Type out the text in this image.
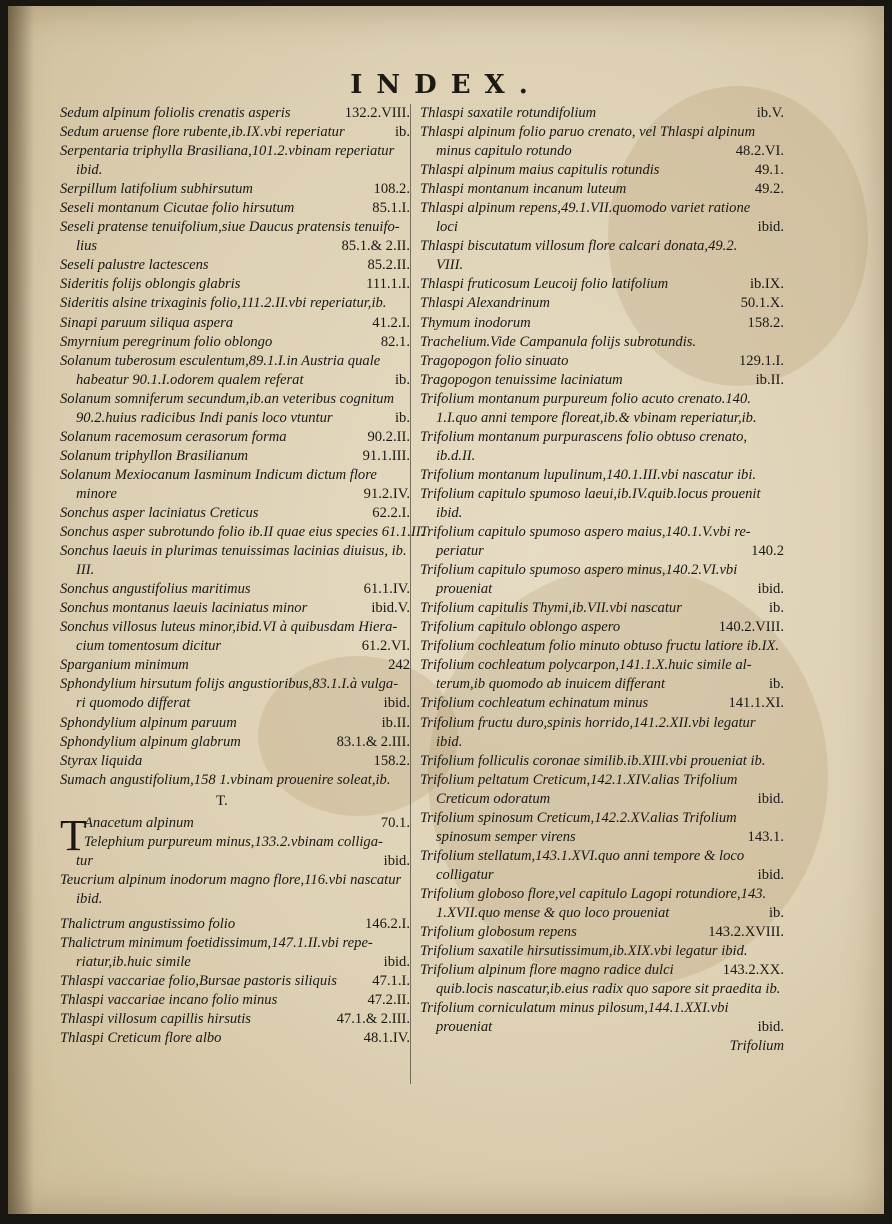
INDEX.
Sedum alpinum foliolis crenatis asperis	132.2.VIII.
Sedum aruense flore rubente,ib.IX.vbi reperiatur	ib.
Serpentaria triphylla Brasiliana,101.2.vbinam reperiatur
ibid.
Serpillum latifolium subhirsutum	108.2.
Seseli montanum Cicutae folio hirsutum	85.1.I.
Seseli pratense tenuifolium,siue Daucus pratensis tenuifo-
lius	85.1.& 2.II.
Seseli palustre lactescens	85.2.II.
Sideritis folijs oblongis glabris	111.1.I.
Sideritis alsine trixaginis folio,111.2.II.vbi reperiatur,ib.
Sinapi paruum siliqua aspera	41.2.I.
Smyrnium peregrinum folio oblongo	82.1.
Solanum tuberosum esculentum,89.1.I.in Austria quale
habeatur 90.1.I.odorem qualem referat	ib.
Solanum somniferum secundum,ib.an veteribus cognitum
90.2.huius radicibus Indi panis loco vtuntur	ib.
Solanum racemosum cerasorum forma	90.2.II.
Solanum triphyllon Brasilianum	91.1.III.
Solanum Mexiocanum Iasminum Indicum dictum flore
minore	91.2.IV.
Sonchus asper laciniatus Creticus	62.2.I.
Sonchus asper subrotundo folio ib.II quae eius species 61.1.II.
Sonchus laeuis in plurimas tenuissimas lacinias diuisus, ib.
III.
Sonchus angustifolius maritimus	61.1.IV.
Sonchus montanus laeuis laciniatus minor	ibid.V.
Sonchus villosus luteus minor,ibid.VI à quibusdam Hiera-
cium tomentosum dicitur	61.2.VI.
Sparganium minimum	242
Sphondylium hirsutum folijs angustioribus,83.1.I.à vulga-
ri quomodo differat	ibid.
Sphondylium alpinum paruum	ib.II.
Sphondylium alpinum glabrum	83.1.& 2.III.
Styrax liquida	158.2.
Sumach angustifolium,158 1.vbinam prouenire soleat,ib.
T.
T
Anacetum alpinum	70.1.
Telephium purpureum minus,133.2.vbinam colliga-
tur	ibid.
Teucrium alpinum inodorum magno flore,116.vbi nascatur
ibid.
Thalictrum angustissimo folio	146.2.I.
Thalictrum minimum foetidissimum,147.1.II.vbi repe-
riatur,ib.huic simile	ibid.
Thlaspi vaccariae folio,Bursae pastoris siliquis 47.1.I.
Thlaspi vaccariae incano folio minus	47.2.II.
Thlaspi villosum capillis hirsutis	47.1.& 2.III.
Thlaspi Creticum flore albo	48.1.IV.
Thlaspi saxatile rotundifolium	ib.V.
Thlaspi alpinum folio paruo crenato, vel Thlaspi alpinum
minus capitulo rotundo	48.2.VI.
Thlaspi alpinum maius capitulis rotundis	49.1.
Thlaspi montanum incanum luteum	49.2.
Thlaspi alpinum repens,49.1.VII.quomodo variet ratione
loci	ibid.
Thlaspi biscutatum villosum flore calcari donata,49.2.
VIII.
Thlaspi fruticosum Leucoij folio latifolium	ib.IX.
Thlaspi Alexandrinum	50.1.X.
Thymum inodorum	158.2.
Trachelium.Vide Campanula folijs subrotundis.
Tragopogon folio sinuato	129.1.I.
Tragopogon tenuissime laciniatum	ib.II.
Trifolium montanum purpureum folio acuto crenato.140.
1.I.quo anni tempore floreat,ib.& vbinam reperiatur,ib.
Trifolium montanum purpurascens folio obtuso crenato,
ib.d.II.
Trifolium montanum lupulinum,140.1.III.vbi nascatur ibi.
Trifolium capitulo spumoso laeui,ib.IV.quib.locus prouenit
ibid.
Trifolium capitulo spumoso aspero maius,140.1.V.vbi re-
periatur	140.2
Trifolium capitulo spumoso aspero minus,140.2.VI.vbi
proueniat	ibid.
Trifolium capitulis Thymi,ib.VII.vbi nascatur	ib.
Trifolium capitulo oblongo aspero	140.2.VIII.
Trifolium cochleatum folio minuto obtuso fructu latiore ib.IX.
Trifolium cochleatum polycarpon,141.1.X.huic simile al-
terum,ib quomodo ab inuicem differant	ib.
Trifolium cochleatum echinatum minus	141.1.XI.
Trifolium fructu duro,spinis horrido,141.2.XII.vbi legatur
ibid.
Trifolium folliculis coronae similib.ib.XIII.vbi proueniat ib.
Trifolium peltatum Creticum,142.1.XIV.alias Trifolium
Creticum odoratum	ibid.
Trifolium spinosum Creticum,142.2.XV.alias Trifolium
spinosum semper virens	143.1.
Trifolium stellatum,143.1.XVI.quo anni tempore & loco
colligatur	ibid.
Trifolium globoso flore,vel capitulo Lagopi rotundiore,143.
1.XVII.quo mense & quo loco proueniat	ib.
Trifolium globosum repens	143.2.XVIII.
Trifolium saxatile hirsutissimum,ib.XIX.vbi legatur ibid.
Trifolium alpinum flore magno radice dulci	143.2.XX.
quib.locis nascatur,ib.eius radix quo sapore sit praedita ib.
Trifolium corniculatum minus pilosum,144.1.XXI.vbi
proueniat	ibid.
Trifolium
